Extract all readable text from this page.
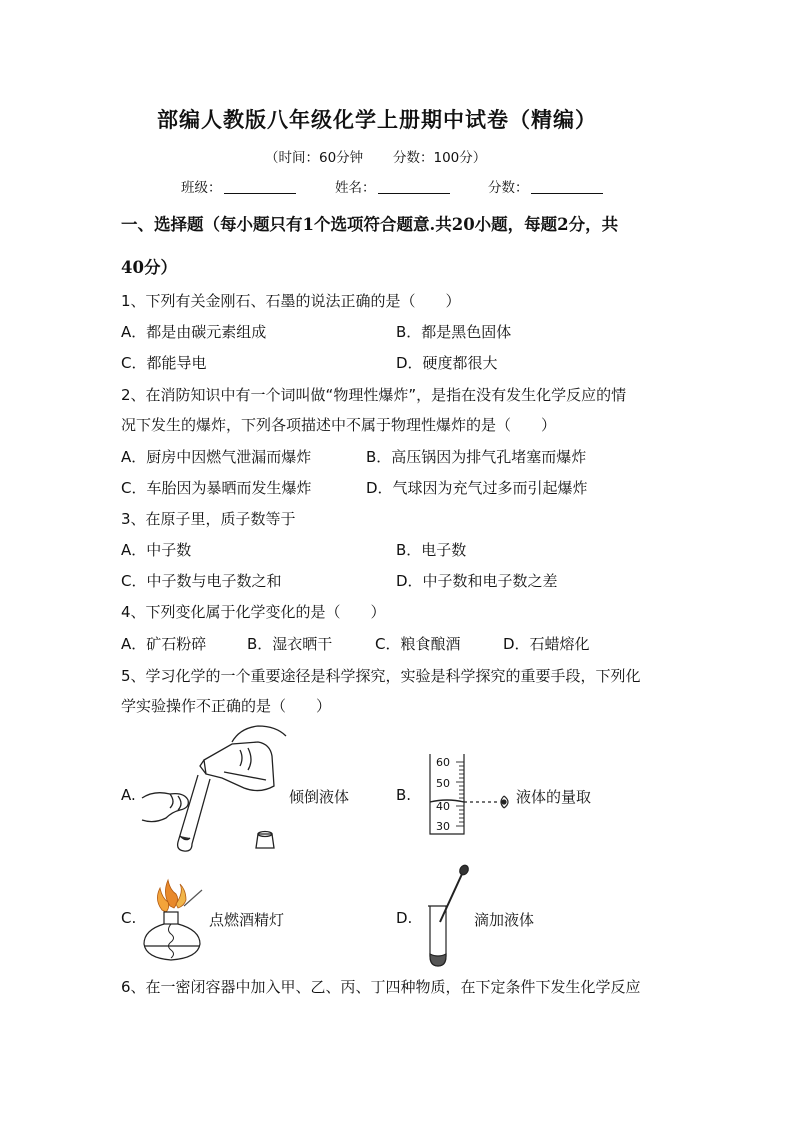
部编人教版八年级化学上册期中试卷（精编）
（时间：60分钟 分数：100分）
班级：	姓名：	分数：
一、选择题（每小题只有1个选项符合题意.共20小题，每题2分，共
40分）
1、下列有关金刚石、石墨的说法正确的是（　　）
A．都是由碳元素组成	B．都是黑色固体
C．都能导电	D．硬度都很大
2、在消防知识中有一个词叫做“物理性爆炸”，是指在没有发生化学反应的情
况下发生的爆炸，下列各项描述中不属于物理性爆炸的是（　　）
A．厨房中因燃气泄漏而爆炸	B．高压锅因为排气孔堵塞而爆炸
C．车胎因为暴晒而发生爆炸	D．气球因为充气过多而引起爆炸
3、在原子里，质子数等于
A．中子数	B．电子数
C．中子数与电子数之和	D．中子数和电子数之差
4、下列变化属于化学变化的是（　　）
A．矿石粉碎	B．湿衣晒干	C．粮食酿酒	D．石蜡熔化
5、学习化学的一个重要途径是科学探究，实验是科学探究的重要手段，下列化
学实验操作不正确的是（　　）
A.	倾倒液体	B.
60
50
40
30
液体的量取
C.	点燃酒精灯	D.	滴加液体
6、在一密闭容器中加入甲、乙、丙、丁四种物质，在下定条件下发生化学反应
